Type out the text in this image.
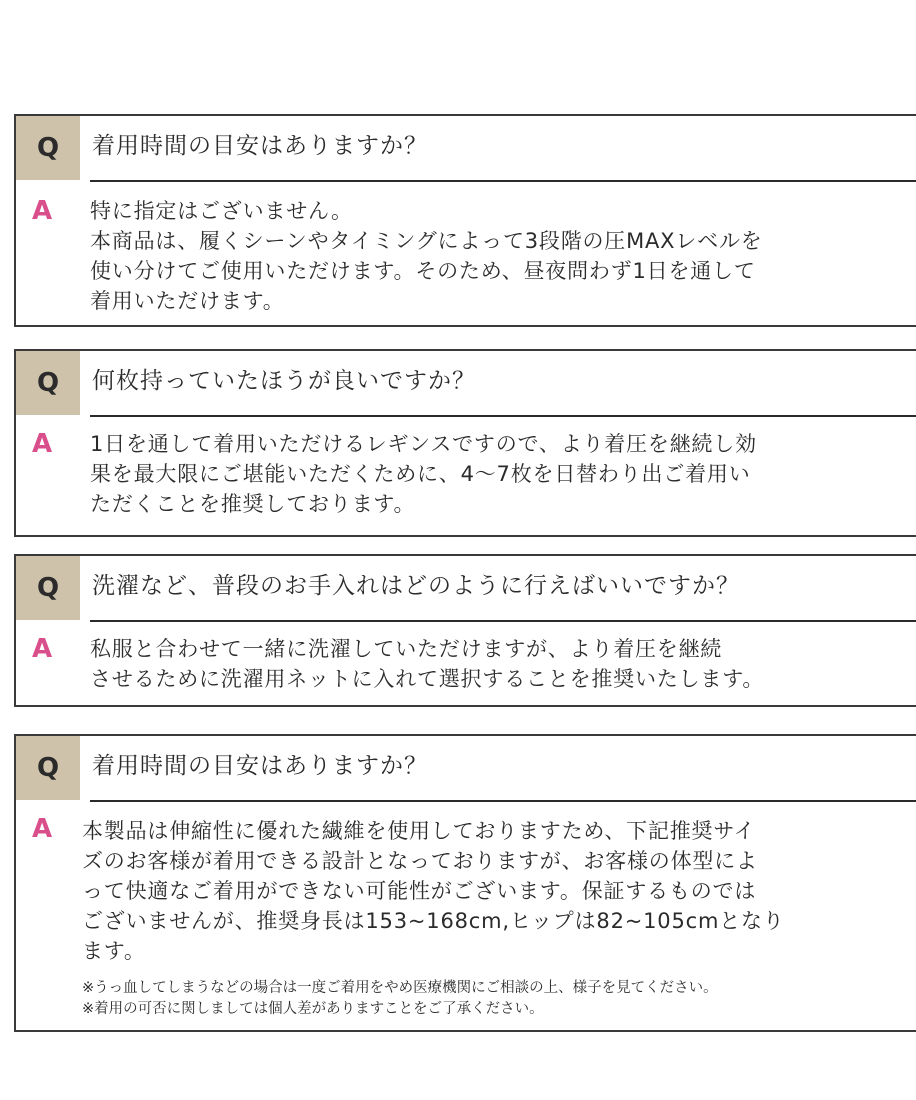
Q	着用時間の目安はありますか？
A 特に指定はございません。
本商品は、履くシーンやタイミングによって3段階の圧MAXレベルを
使い分けてご使用いただけます。そのため、昼夜問わず1日を通して
着用いただけます。
Q	何枚持っていたほうが良いですか？
A 1日を通して着用いただけるレギンスですので、より着圧を継続し効
果を最大限にご堪能いただくために、4〜7枚を日替わり出ご着用い
ただくことを推奨しております。
Q	洗濯など、普段のお手入れはどのように行えばいいですか？
A 私服と合わせて一緒に洗濯していただけますが、より着圧を継続
させるために洗濯用ネットに入れて選択することを推奨いたします。
Q	着用時間の目安はありますか？
A 本製品は伸縮性に優れた繊維を使用しておりますため、下記推奨サイ
ズのお客様が着用できる設計となっておりますが、お客様の体型によ
って快適なご着用ができない可能性がございます。保証するものでは
ございませんが、推奨身長は153~168cm,ヒップは82~105cmとなり
ます。
※うっ血してしまうなどの場合は一度ご着用をやめ医療機関にご相談の上、様子を見てください。
※着用の可否に関しましては個人差がありますことをご了承ください。
